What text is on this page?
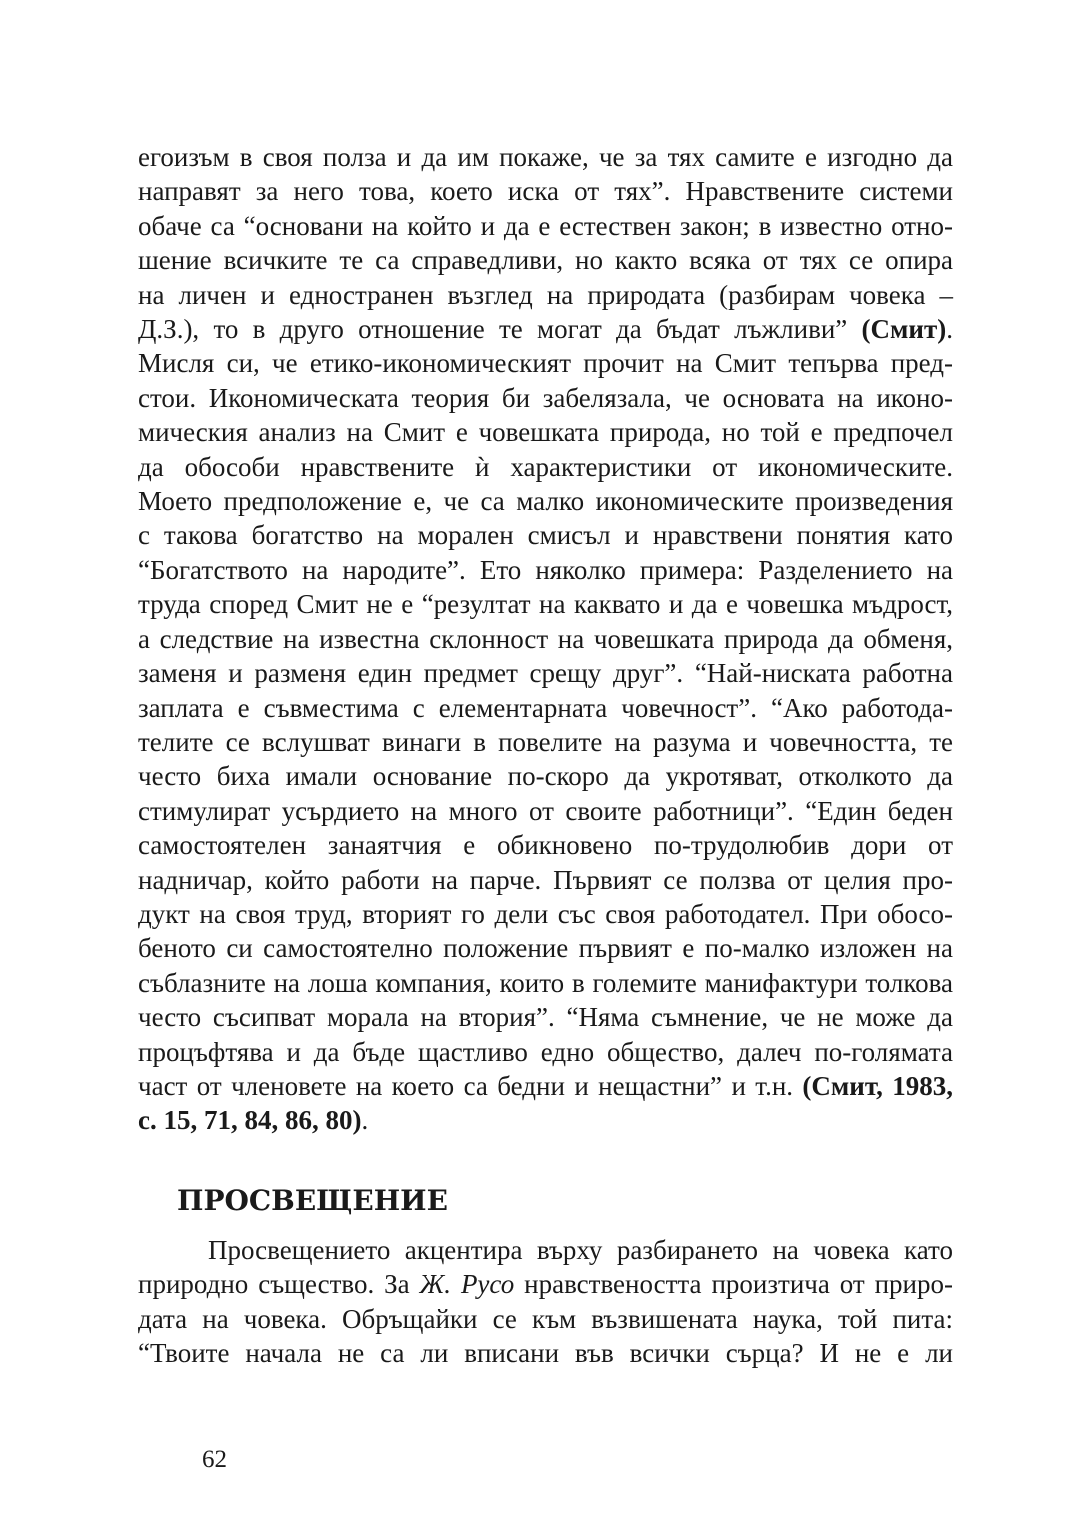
егоизъм в своя полза и да им покаже, че за тях самите е изгодно да
направят за него това, което иска от тях”. Нравствените системи
обаче са “основани на който и да е естествен закон; в известно отно-
шение всичките те са справедливи, но както всяка от тях се опира
на личен и едностранен възглед на природата (разбирам човека –
Д.З.), то в друго отношение те могат да бъдат лъжливи” (Смит).
Мисля си, че етико-икономическият прочит на Смит тепърва пред-
стои. Икономическата теория би забелязала, че основата на иконо-
мическия анализ на Смит е човешката природа, но той е предпочел
да обособи нравствените ѝ характеристики от икономическите.
Моето предположение е, че са малко икономическите произведения
с такова богатство на морален смисъл и нравствени понятия като
“Богатството на народите”. Ето няколко примера: Разделението на
труда според Смит не е “резултат на каквато и да е човешка мъдрост,
а следствие на известна склонност на човешката природа да обменя,
заменя и разменя един предмет срещу друг”. “Най-ниската работна
заплата е съвместима с елементарната човечност”. “Ако работода-
телите се вслушват винаги в повелите на разума и човечността, те
често биха имали основание по-скоро да укротяват, отколкото да
стимулират усърдието на много от своите работници”. “Един беден
самостоятелен занаятчия е обикновено по-трудолюбив дори от
надничар, който работи на парче. Първият се ползва от целия про-
дукт на своя труд, вторият го дели със своя работодател. При обосо-
беното си самостоятелно положение първият е по-малко изложен на
съблазните на лоша компания, които в големите манифактури толкова
често съсипват морала на втория”. “Няма съмнение, че не може да
процъфтява и да бъде щастливо едно общество, далеч по-голямата
част от членовете на което са бедни и нещастни” и т.н. (Смит, 1983,
с. 15, 71, 84, 86, 80).
ПРОСВЕЩЕНИЕ
Просвещението акцентира върху разбирането на човека като
природно същество. За Ж. Русо нравствеността произтича от приро-
дата на човека. Обръщайки се към възвишената наука, той пита:
“Твоите начала не са ли вписани във всички сърца? И не е ли
62
